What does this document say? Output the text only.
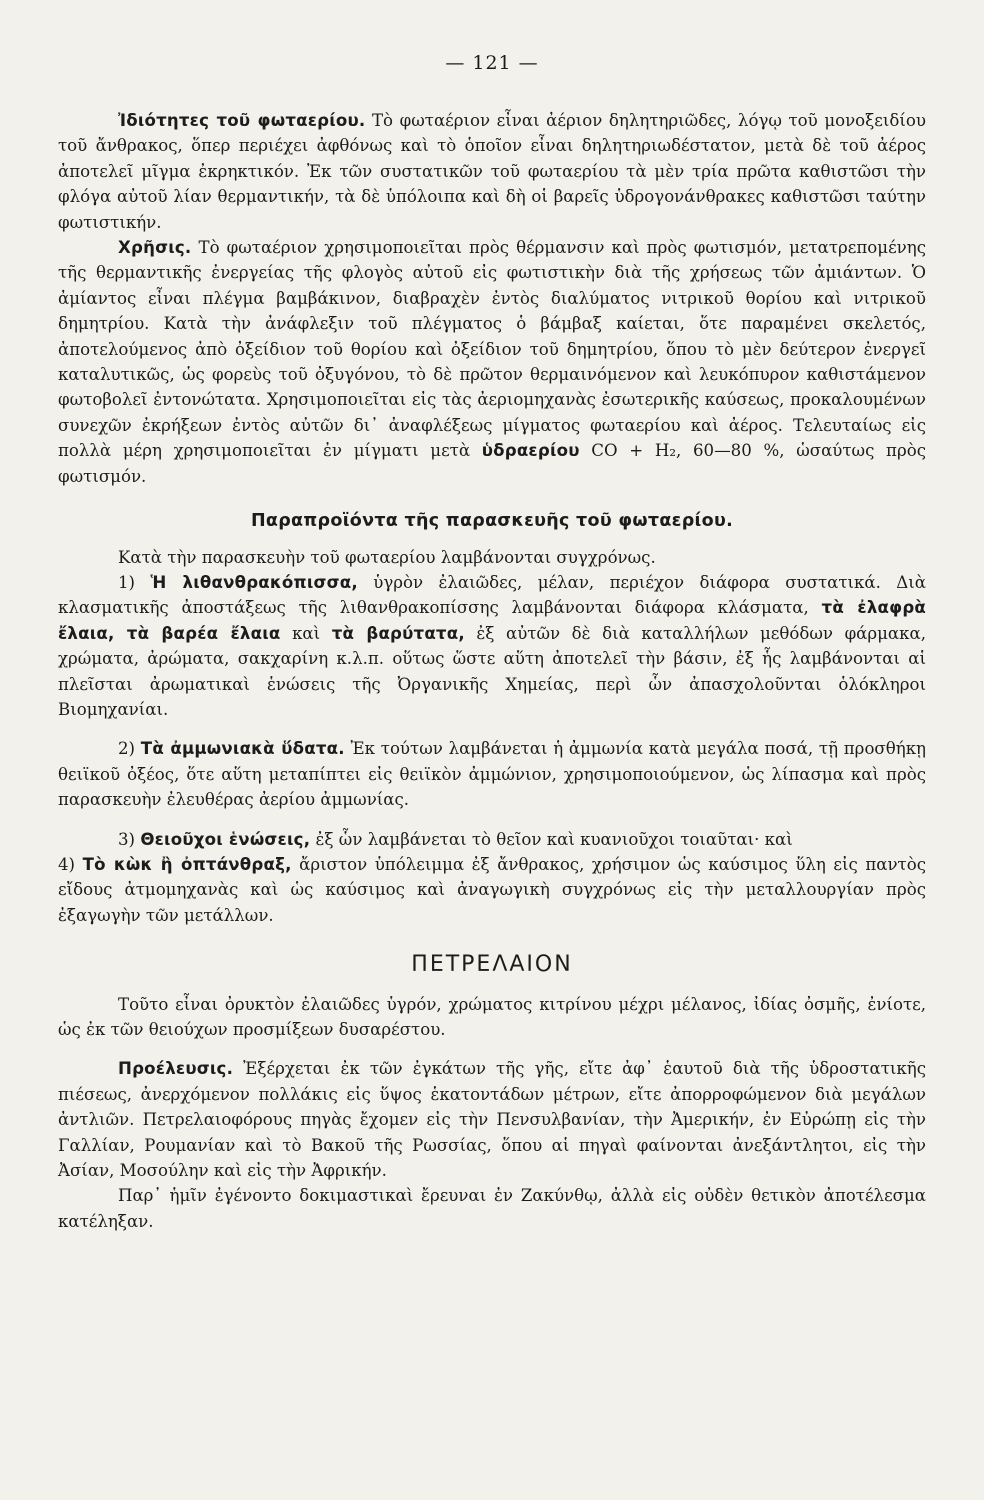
— 121 —

Ἰδιότητες τοῦ φωταερίου. Τὸ φωταέριον εἶναι ἀέριον δηλητηριῶδες, λόγῳ τοῦ μονοξειδίου τοῦ ἄνθρακος, ὅπερ περιέχει ἀφθόνως καὶ τὸ ὁποῖον εἶναι δηλητηριωδέστατον, μετὰ δὲ τοῦ ἀέρος ἀποτελεῖ μῖγμα ἐκρηκτικόν. Ἐκ τῶν συστατικῶν τοῦ φωταερίου τὰ μὲν τρία πρῶτα καθιστῶσι τὴν φλόγα αὐτοῦ λίαν θερμαντικήν, τὰ δὲ ὑπόλοιπα καὶ δὴ οἱ βαρεῖς ὑδρογονάνθρακες καθιστῶσι ταύτην φωτιστικήν.

Χρῆσις. Τὸ φωταέριον χρησιμοποιεῖται πρὸς θέρμανσιν καὶ πρὸς φωτισμόν, μετατρεπομένης τῆς θερμαντικῆς ἐνεργείας τῆς φλογὸς αὐτοῦ εἰς φωτιστικὴν διὰ τῆς χρήσεως τῶν ἀμιάντων. Ὁ ἀμίαντος εἶναι πλέγμα βαμβάκινον, διαβραχὲν ἐντὸς διαλύματος νιτρικοῦ θορίου καὶ νιτρικοῦ δημητρίου. Κατὰ τὴν ἀνάφλεξιν τοῦ πλέγματος ὁ βάμβαξ καίεται, ὅτε παραμένει σκελετός, ἀποτελούμενος ἀπὸ ὀξείδιον τοῦ θορίου καὶ ὀξείδιον τοῦ δημητρίου, ὅπου τὸ μὲν δεύτερον ἐνεργεῖ καταλυτικῶς, ὡς φορεὺς τοῦ ὀξυγόνου, τὸ δὲ πρῶτον θερμαινόμενον καὶ λευκόπυρον καθιστάμενον φωτοβολεῖ ἐντονώτατα. Χρησιμοποιεῖται εἰς τὰς ἀεριομηχανὰς ἐσωτερικῆς καύσεως, προκαλουμένων συνεχῶν ἐκρήξεων ἐντὸς αὐτῶν δι᾿ ἀναφλέξεως μίγματος φωταερίου καὶ ἀέρος. Τελευταίως εἰς πολλὰ μέρη χρησιμοποιεῖται ἐν μίγματι μετὰ ὑδραερίου CO + H₂, 60—80 %, ὡσαύτως πρὸς φωτισμόν.

Παραπροϊόντα τῆς παρασκευῆς τοῦ φωταερίου.

Κατὰ τὴν παρασκευὴν τοῦ φωταερίου λαμβάνονται συγχρόνως.

1) Ἡ λιθανθρακόπισσα, ὑγρὸν ἐλαιῶδες, μέλαν, περιέχον διάφορα συστατικά. Διὰ κλασματικῆς ἀποστάξεως τῆς λιθανθρακοπίσσης λαμβάνονται διάφορα κλάσματα, τὰ ἐλαφρὰ ἔλαια, τὰ βαρέα ἔλαια καὶ τὰ βαρύτατα, ἐξ αὐτῶν δὲ διὰ καταλλήλων μεθόδων φάρμακα, χρώματα, ἀρώματα, σακχαρίνη κ.λ.π. οὕτως ὥστε αὕτη ἀποτελεῖ τὴν βάσιν, ἐξ ἧς λαμβάνονται αἱ πλεῖσται ἀρωματικαὶ ἑνώσεις τῆς Ὀργανικῆς Χημείας, περὶ ὧν ἀπασχολοῦνται ὁλόκληροι Βιομηχανίαι.

2) Τὰ ἀμμωνιακὰ ὕδατα. Ἐκ τούτων λαμβάνεται ἡ ἀμμωνία κατὰ μεγάλα ποσά, τῇ προσθήκῃ θειϊκοῦ ὀξέος, ὅτε αὕτη μεταπίπτει εἰς θειϊκὸν ἀμμώνιον, χρησιμοποιούμενον, ὡς λίπασμα καὶ πρὸς παρασκευὴν ἐλευθέρας ἀερίου ἀμμωνίας.

3) Θειοῦχοι ἑνώσεις, ἐξ ὧν λαμβάνεται τὸ θεῖον καὶ κυανιοῦχοι τοιαῦται· καὶ

4) Τὸ κὼκ ἢ ὀπτάνθραξ, ἄριστον ὑπόλειμμα ἐξ ἄνθρακος, χρήσιμον ὡς καύσιμος ὕλη εἰς παντὸς εἴδους ἀτμομηχανὰς καὶ ὡς καύσιμος καὶ ἀναγωγικὴ συγχρόνως εἰς τὴν μεταλλουργίαν πρὸς ἐξαγωγὴν τῶν μετάλλων.

ΠΕΤΡΕΛΑΙΟΝ

Τοῦτο εἶναι ὀρυκτὸν ἐλαιῶδες ὑγρόν, χρώματος κιτρίνου μέχρι μέλανος, ἰδίας ὀσμῆς, ἐνίοτε, ὡς ἐκ τῶν θειούχων προσμίξεων δυσαρέστου.

Προέλευσις. Ἐξέρχεται ἐκ τῶν ἐγκάτων τῆς γῆς, εἴτε ἀφ᾿ ἑαυτοῦ διὰ τῆς ὑδροστατικῆς πιέσεως, ἀνερχόμενον πολλάκις εἰς ὕψος ἑκατοντάδων μέτρων, εἴτε ἀπορροφώμενον διὰ μεγάλων ἀντλιῶν. Πετρελαιοφόρους πηγὰς ἔχομεν εἰς τὴν Πενσυλβανίαν, τὴν Ἀμερικήν, ἐν Εὐρώπῃ εἰς τὴν Γαλλίαν, Ρουμανίαν καὶ τὸ Βακοῦ τῆς Ρωσσίας, ὅπου αἱ πηγαὶ φαίνονται ἀνεξάντλητοι, εἰς τὴν Ἀσίαν, Μοσούλην καὶ εἰς τὴν Ἀφρικήν.

Παρ᾿ ἡμῖν ἐγένοντο δοκιμαστικαὶ ἔρευναι ἐν Ζακύνθῳ, ἀλλὰ εἰς οὐδὲν θετικὸν ἀποτέλεσμα κατέληξαν.
